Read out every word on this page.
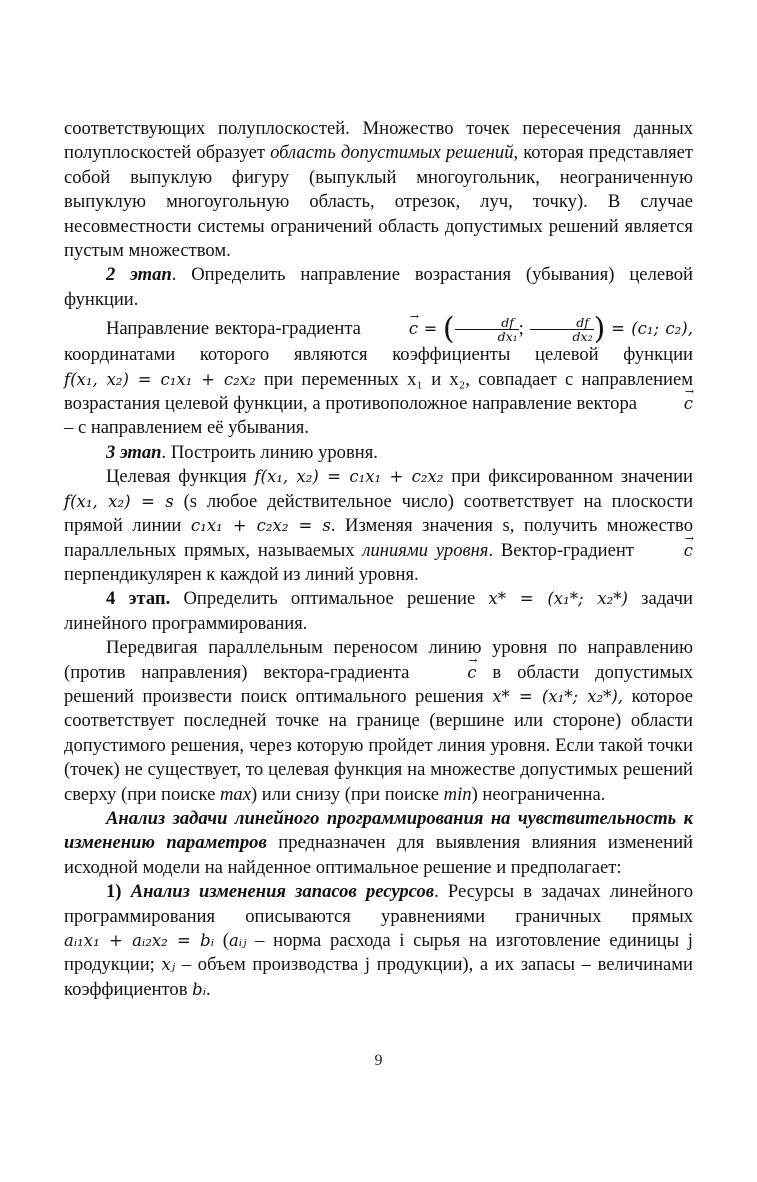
соответствующих полуплоскостей. Множество точек пересечения данных полуплоскостей образует область допустимых решений, которая представляет собой выпуклую фигуру (выпуклый многоугольник, неограниченную выпуклую многоугольную область, отрезок, луч, точку). В случае несовместности системы ограничений область допустимых решений является пустым множеством.

2 этап. Определить направление возрастания (убывания) целевой функции.

Направление вектора-градиента	→ c = ( $\frac{df}{\text{dx₁}}$ ; $\frac{df}{\text{dx₂}}$ ) = (c₁; c₂), координатами которого являются коэффициенты целевой функции f(x₁, x₂) = c₁x₁ + c₂x₂ при переменных x₁ и x₂, совпадает с направлением возрастания целевой функции, а противоположное направление вектора	→ c – с направлением её убывания.

3 этап. Построить линию уровня.

Целевая функция f(x₁, x₂) = c₁x₁ + c₂x₂ при фиксированном значении f(x₁, x₂) = s (s любое действительное число) соответствует на плоскости прямой линии c₁x₁ + c₂x₂ = s. Изменяя значения s, получить множество параллельных прямых, называемых линиями уровня. Вектор-градиент	→ c перпендикулярен к каждой из линий уровня.

4 этап. Определить оптимальное решение x* = (x₁*; x₂*) задачи линейного программирования.

Передвигая параллельным переносом линию уровня по направлению (против направления) вектора-градиента	→ c в области допустимых решений произвести поиск оптимального решения x* = (x₁*; x₂*), которое соответствует последней точке на границе (вершине или стороне) области допустимого решения, через которую пройдет линия уровня. Если такой точки (точек) не существует, то целевая функция на множестве допустимых решений сверху (при поиске max) или снизу (при поиске min) неограниченна.

Анализ задачи линейного программирования на чувствительность к изменению параметров предназначен для выявления влияния изменений исходной модели на найденное оптимальное решение и предполагает:

1) Анализ изменения запасов ресурсов. Ресурсы в задачах линейного программирования описываются уравнениями граничных прямых aᵢ₁x₁ + aᵢ₂x₂ = bᵢ (aᵢⱼ – норма расхода i сырья на изготовление единицы j продукции; xⱼ – объем производства j продукции), а их запасы – величинами коэффициентов bᵢ.

9
